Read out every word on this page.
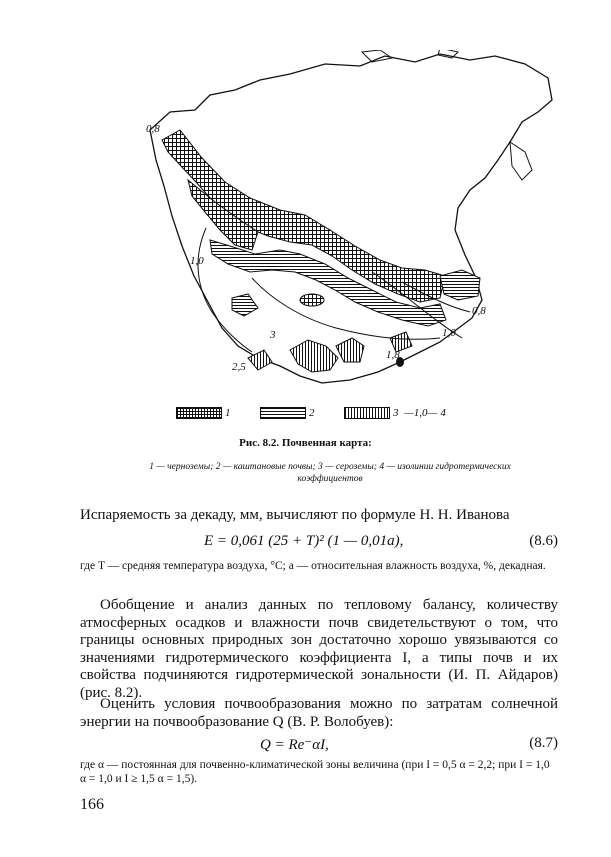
0,8
1,0
3
2,5
0,8
1,0
1,8
1	2	3 — 1,0 — 4
Рис. 8.2. Почвенная карта:
1 — черноземы; 2 — каштановые почвы; 3 — сероземы; 4 — изолинии гидротермических коэффициентов
Испаряемость за декаду, мм, вычисляют по формуле Н. Н. Иванова
E = 0,061 (25 + T)² (1 — 0,01a),	(8.6)
где T — средняя температура воздуха, °С; a — относительная влажность воздуха, %, декадная.
Обобщение и анализ данных по тепловому балансу, количеству атмосферных осадков и влажности почв свидетельствуют о том, что границы основных природных зон достаточно хорошо увязываются со значениями гидротермического коэффициента I, а типы почв и их свойства подчиняются гидротермической зональности (И. П. Айдаров) (рис. 8.2).
Оценить условия почвообразования можно по затратам солнечной энергии на почвообразование Q (В. Р. Волобуев):
Q = Re⁻αI,	(8.7)
где α — постоянная для почвенно-климатической зоны величина (при I = 0,5 α = 2,2; при I = 1,0 α = 1,0 и I ≥ 1,5 α = 1,5).
166
